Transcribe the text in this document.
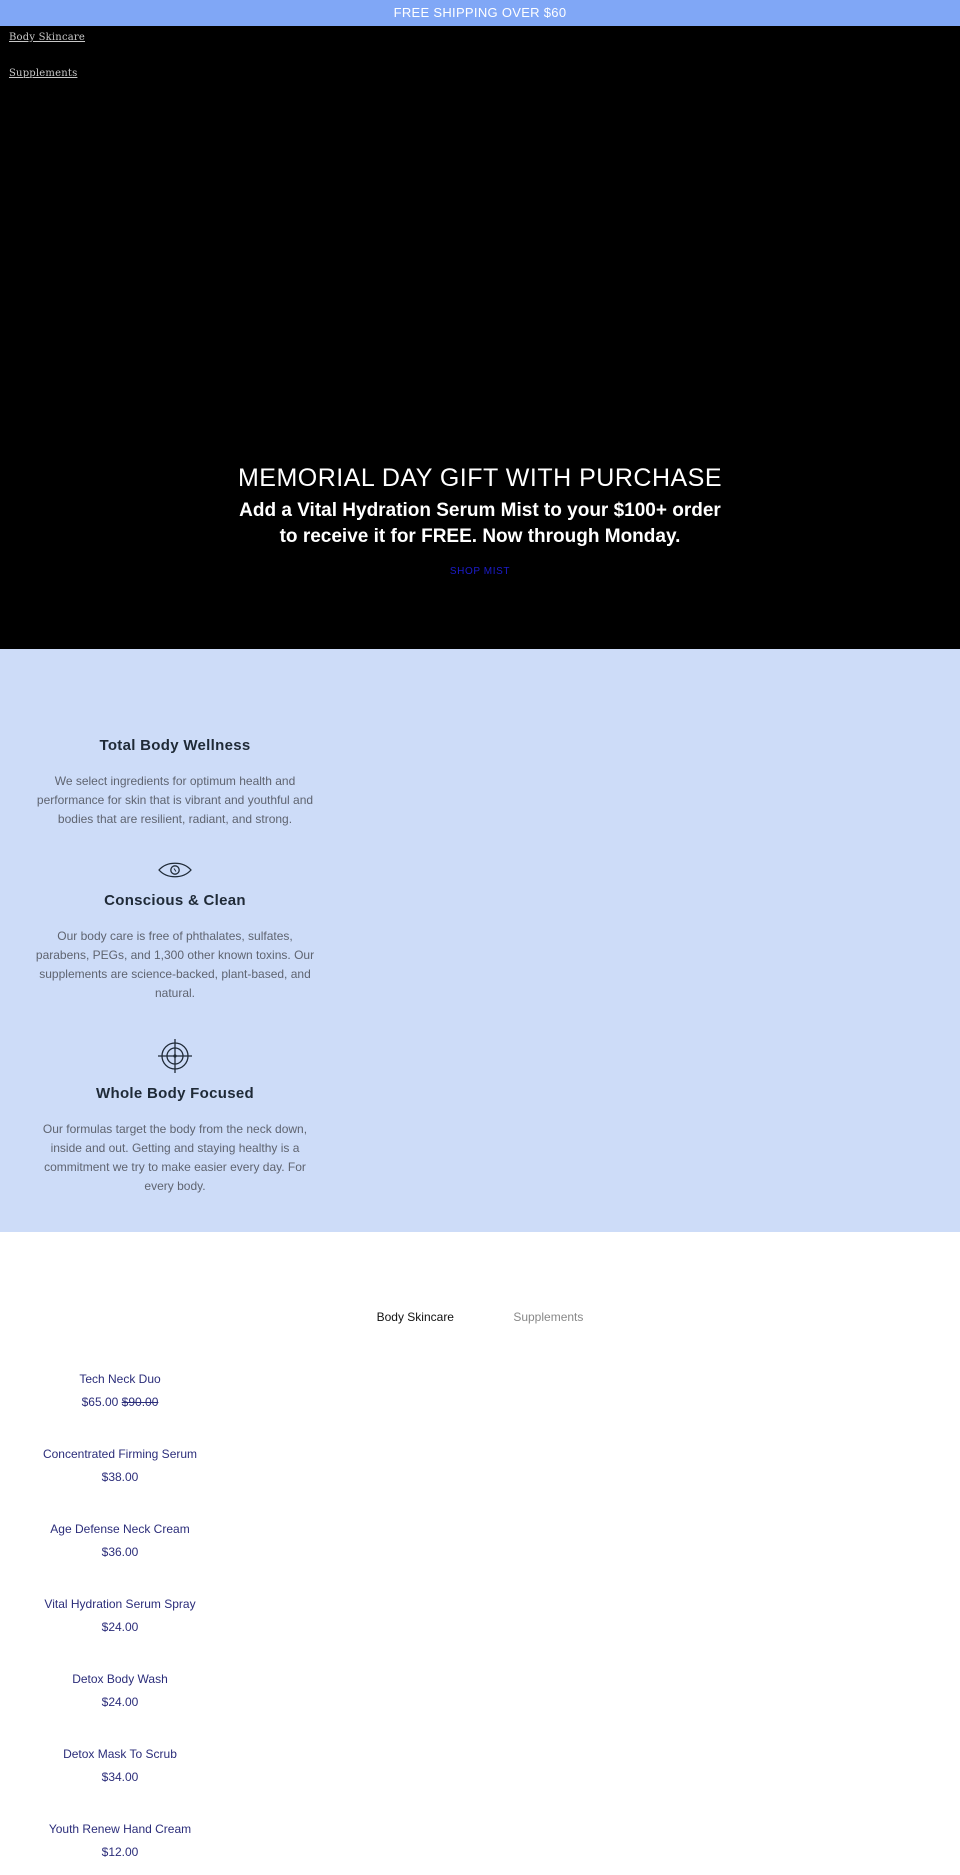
FREE SHIPPING OVER $60
Body Skincare
Supplements
MEMORIAL DAY GIFT WITH PURCHASE
Add a Vital Hydration Serum Mist to your $100+ order to receive it for FREE. Now through Monday.
SHOP MIST
Total Body Wellness

We select ingredients for optimum health and performance for skin that is vibrant and youthful and bodies that are resilient, radiant, and strong.

Conscious & Clean

Our body care is free of phthalates, sulfates, parabens, PEGs, and 1,300 other known toxins. Our supplements are science-backed, plant-based, and natural.

Whole Body Focused

Our formulas target the body from the neck down, inside and out. Getting and staying healthy is a commitment we try to make easier every day. For every body.

Body Skincare	Supplements
Tech Neck Duo
$65.00 $90.00
Concentrated Firming Serum
$38.00
Age Defense Neck Cream
$36.00
Vital Hydration Serum Spray
$24.00
Detox Body Wash
$24.00
Detox Mask To Scrub
$34.00
Youth Renew Hand Cream
$12.00
